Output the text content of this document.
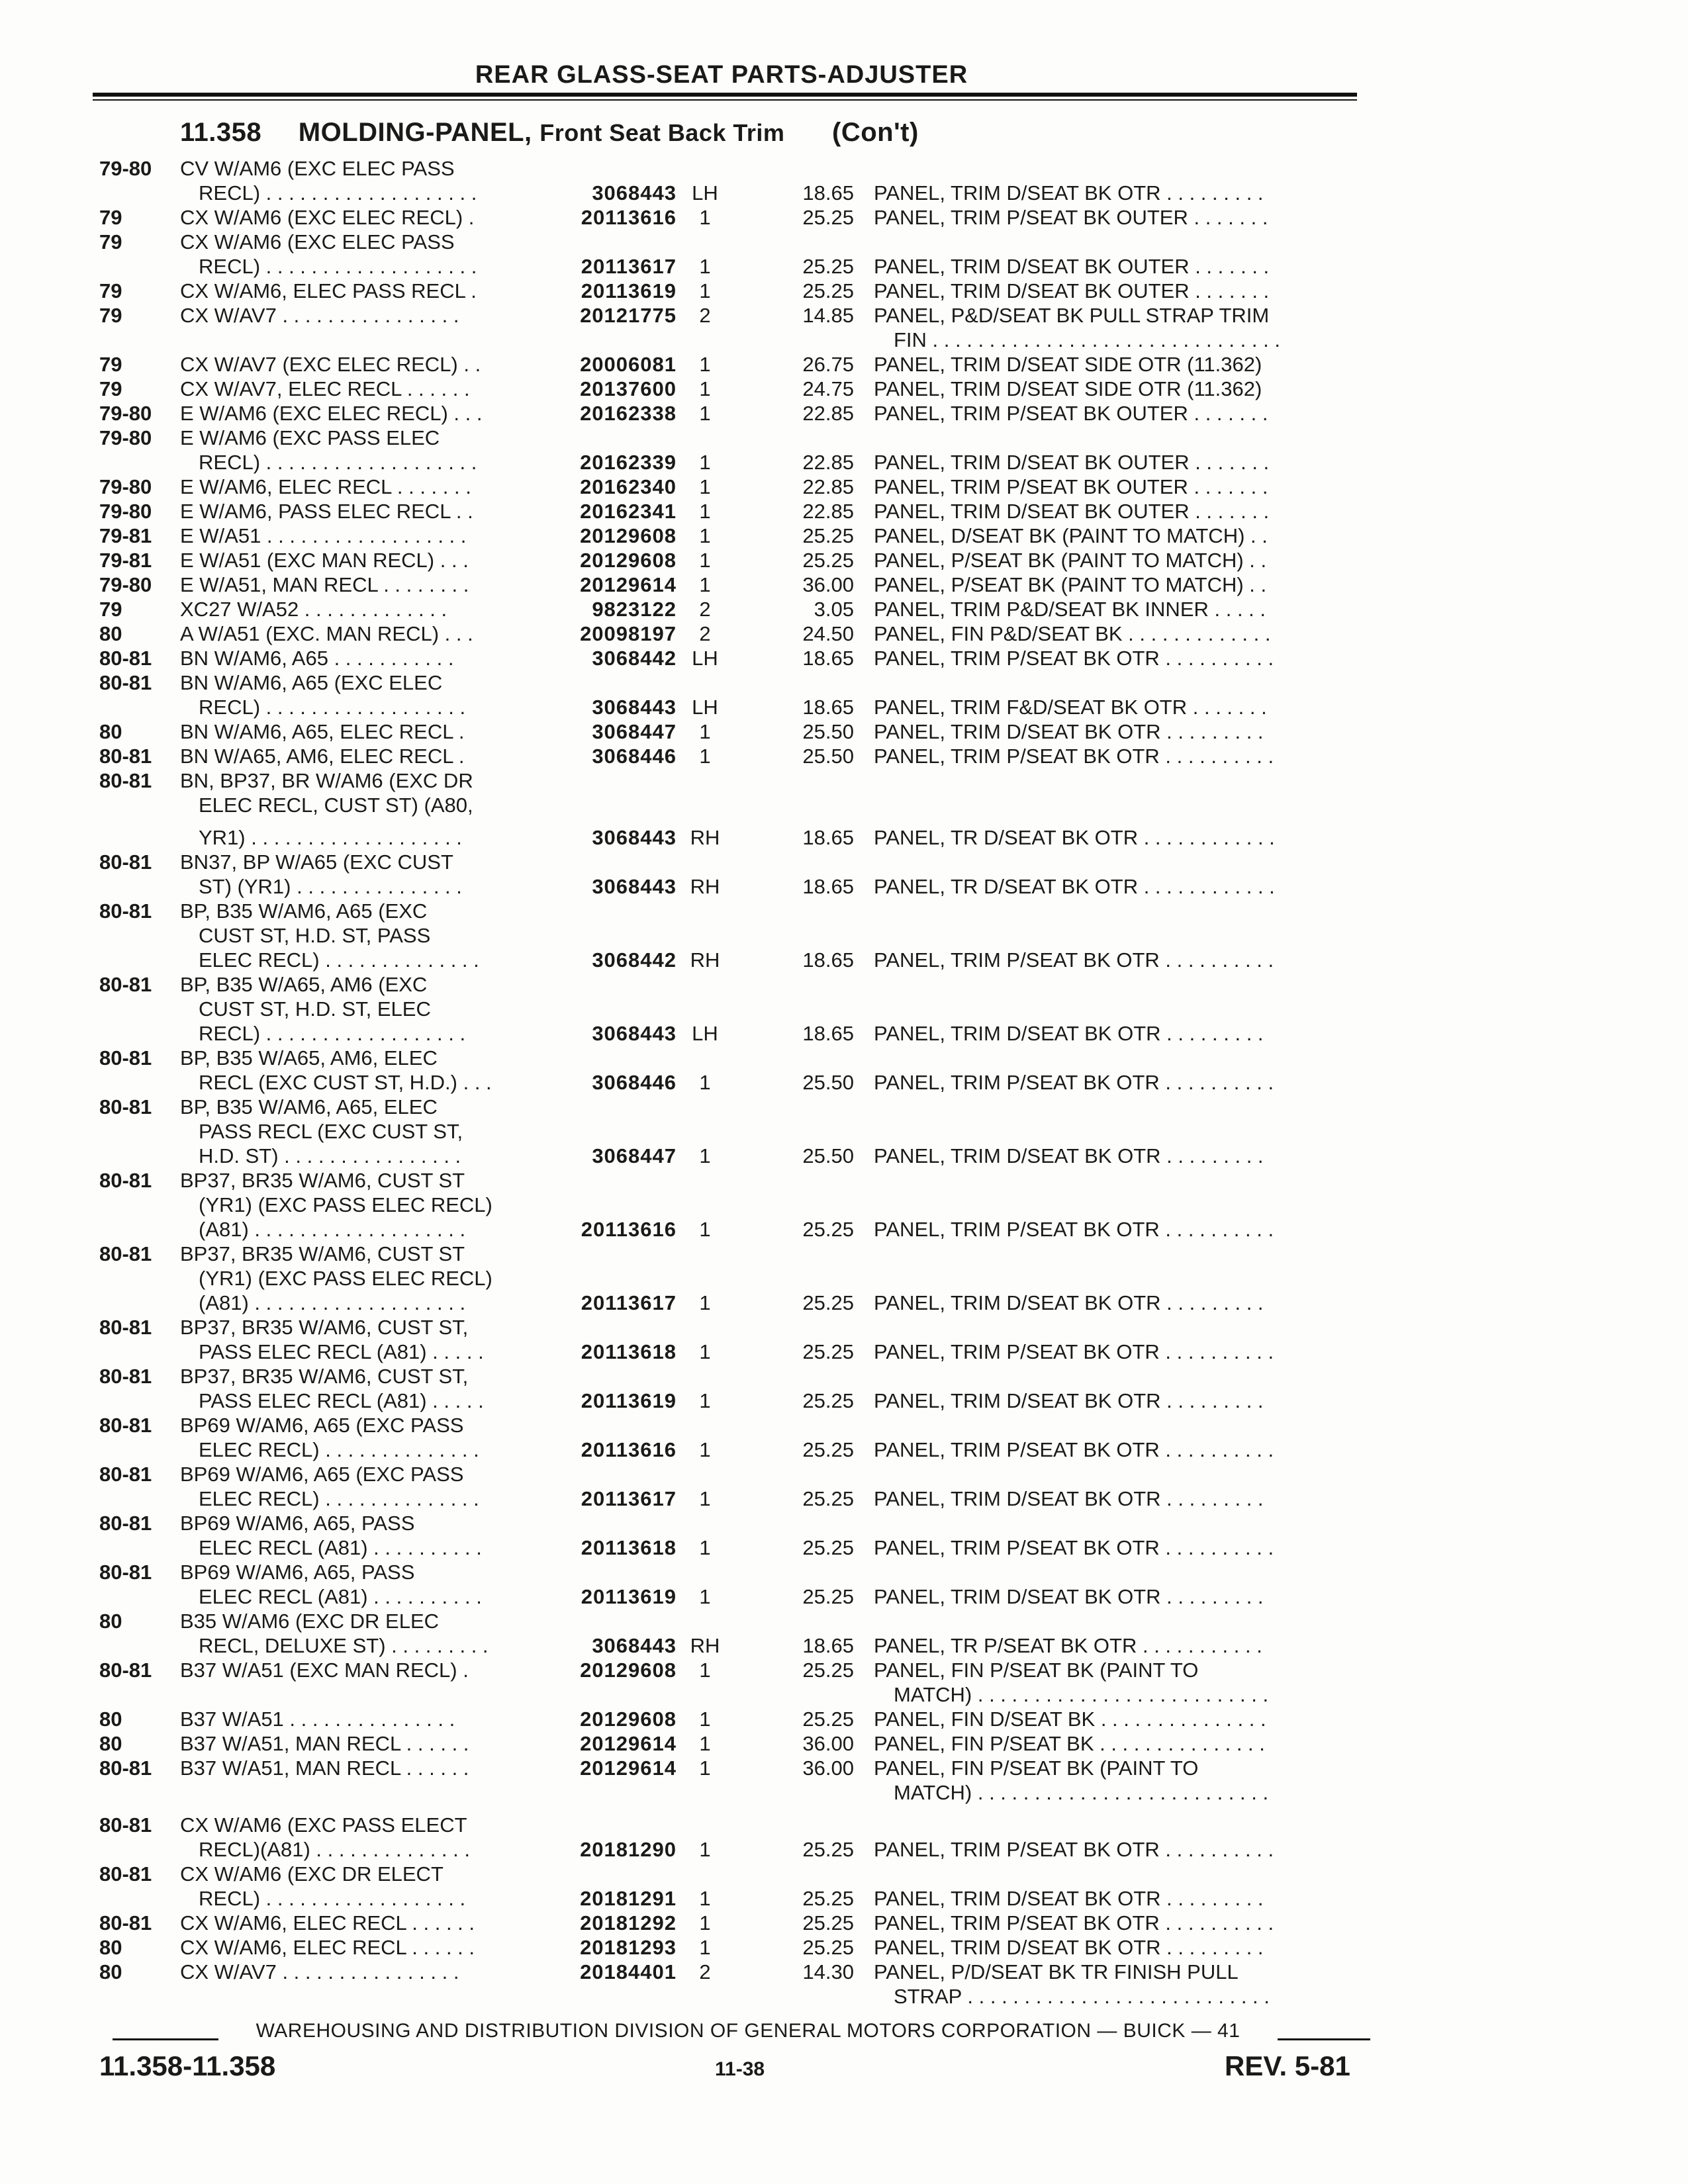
REAR GLASS-SEAT PARTS-ADJUSTER
11.358 MOLDING-PANEL, Front Seat Back Trim (Con't)
79-80	CV W/AM6 (EXC ELEC PASS
RECL) . . . . . . . . . . . . . . . . . . .	3068443 LH	18.65 PANEL, TRIM D/SEAT BK OTR . . . . . . . . .
79	CX W/AM6 (EXC ELEC RECL) .	20113616	1	25.25 PANEL, TRIM P/SEAT BK OUTER . . . . . . .
79	CX W/AM6 (EXC ELEC PASS
RECL) . . . . . . . . . . . . . . . . . . .	20113617	1	25.25 PANEL, TRIM D/SEAT BK OUTER . . . . . . .
79	CX W/AM6, ELEC PASS RECL .	20113619	1	25.25 PANEL, TRIM D/SEAT BK OUTER . . . . . . .
79	CX W/AV7 . . . . . . . . . . . . . . . .	20121775	2	14.85 PANEL, P&D/SEAT BK PULL STRAP TRIM
FIN . . . . . . . . . . . . . . . . . . . . . . . . . . . . . . .
79	CX W/AV7 (EXC ELEC RECL) . .	20006081	1	26.75 PANEL, TRIM D/SEAT SIDE OTR (11.362)
79	CX W/AV7, ELEC RECL . . . . . .	20137600	1	24.75 PANEL, TRIM D/SEAT SIDE OTR (11.362)
79-80	E W/AM6 (EXC ELEC RECL) . . .	20162338	1	22.85 PANEL, TRIM P/SEAT BK OUTER . . . . . . .
79-80	E W/AM6 (EXC PASS ELEC
RECL) . . . . . . . . . . . . . . . . . . .	20162339	1	22.85 PANEL, TRIM D/SEAT BK OUTER . . . . . . .
79-80	E W/AM6, ELEC RECL . . . . . . .	20162340	1	22.85 PANEL, TRIM P/SEAT BK OUTER . . . . . . .
79-80	E W/AM6, PASS ELEC RECL . .	20162341	1	22.85 PANEL, TRIM D/SEAT BK OUTER . . . . . . .
79-81	E W/A51 . . . . . . . . . . . . . . . . . .	20129608	1	25.25 PANEL, D/SEAT BK (PAINT TO MATCH) . .
79-81	E W/A51 (EXC MAN RECL) . . .	20129608	1	25.25 PANEL, P/SEAT BK (PAINT TO MATCH) . .
79-80	E W/A51, MAN RECL . . . . . . . .	20129614	1	36.00 PANEL, P/SEAT BK (PAINT TO MATCH) . .
79	XC27 W/A52 . . . . . . . . . . . . .	9823122	2	3.05 PANEL, TRIM P&D/SEAT BK INNER . . . . .
80	A W/A51 (EXC. MAN RECL) . . .	20098197	2	24.50 PANEL, FIN P&D/SEAT BK . . . . . . . . . . . . .
80-81	BN W/AM6, A65 . . . . . . . . . . .	3068442 LH	18.65 PANEL, TRIM P/SEAT BK OTR . . . . . . . . . .
80-81	BN W/AM6, A65 (EXC ELEC
RECL) . . . . . . . . . . . . . . . . . .	3068443 LH	18.65 PANEL, TRIM F&D/SEAT BK OTR . . . . . . .
80	BN W/AM6, A65, ELEC RECL .	3068447	1	25.50 PANEL, TRIM D/SEAT BK OTR . . . . . . . . .
80-81	BN W/A65, AM6, ELEC RECL .	3068446	1	25.50 PANEL, TRIM P/SEAT BK OTR . . . . . . . . . .
80-81	BN, BP37, BR W/AM6 (EXC DR
ELEC RECL, CUST ST) (A80,
YR1) . . . . . . . . . . . . . . . . . . .	3068443 RH	18.65 PANEL, TR D/SEAT BK OTR . . . . . . . . . . . .
80-81	BN37, BP W/A65 (EXC CUST
ST) (YR1) . . . . . . . . . . . . . . .	3068443 RH	18.65 PANEL, TR D/SEAT BK OTR . . . . . . . . . . . .
80-81	BP, B35 W/AM6, A65 (EXC
CUST ST, H.D. ST, PASS
ELEC RECL) . . . . . . . . . . . . . .	3068442 RH	18.65 PANEL, TRIM P/SEAT BK OTR . . . . . . . . . .
80-81	BP, B35 W/A65, AM6 (EXC
CUST ST, H.D. ST, ELEC
RECL) . . . . . . . . . . . . . . . . . .	3068443 LH	18.65 PANEL, TRIM D/SEAT BK OTR . . . . . . . . .
80-81	BP, B35 W/A65, AM6, ELEC
RECL (EXC CUST ST, H.D.) . . .	3068446	1	25.50 PANEL, TRIM P/SEAT BK OTR . . . . . . . . . .
80-81	BP, B35 W/AM6, A65, ELEC
PASS RECL (EXC CUST ST,
H.D. ST) . . . . . . . . . . . . . . . .	3068447	1	25.50 PANEL, TRIM D/SEAT BK OTR . . . . . . . . .
80-81	BP37, BR35 W/AM6, CUST ST
(YR1) (EXC PASS ELEC RECL)
(A81) . . . . . . . . . . . . . . . . . . .	20113616	1	25.25 PANEL, TRIM P/SEAT BK OTR . . . . . . . . . .
80-81	BP37, BR35 W/AM6, CUST ST
(YR1) (EXC PASS ELEC RECL)
(A81) . . . . . . . . . . . . . . . . . . .	20113617	1	25.25 PANEL, TRIM D/SEAT BK OTR . . . . . . . . .
80-81	BP37, BR35 W/AM6, CUST ST,
PASS ELEC RECL (A81) . . . . .	20113618	1	25.25 PANEL, TRIM P/SEAT BK OTR . . . . . . . . . .
80-81	BP37, BR35 W/AM6, CUST ST,
PASS ELEC RECL (A81) . . . . .	20113619	1	25.25 PANEL, TRIM D/SEAT BK OTR . . . . . . . . .
80-81	BP69 W/AM6, A65 (EXC PASS
ELEC RECL) . . . . . . . . . . . . . .	20113616	1	25.25 PANEL, TRIM P/SEAT BK OTR . . . . . . . . . .
80-81	BP69 W/AM6, A65 (EXC PASS
ELEC RECL) . . . . . . . . . . . . . .	20113617	1	25.25 PANEL, TRIM D/SEAT BK OTR . . . . . . . . .
80-81	BP69 W/AM6, A65, PASS
ELEC RECL (A81) . . . . . . . . . .	20113618	1	25.25 PANEL, TRIM P/SEAT BK OTR . . . . . . . . . .
80-81	BP69 W/AM6, A65, PASS
ELEC RECL (A81) . . . . . . . . . .	20113619	1	25.25 PANEL, TRIM D/SEAT BK OTR . . . . . . . . .
80	B35 W/AM6 (EXC DR ELEC
RECL, DELUXE ST) . . . . . . . . .	3068443 RH	18.65 PANEL, TR P/SEAT BK OTR . . . . . . . . . . .
80-81	B37 W/A51 (EXC MAN RECL) .	20129608	1	25.25 PANEL, FIN P/SEAT BK (PAINT TO
MATCH) . . . . . . . . . . . . . . . . . . . . . . . . . .
80	B37 W/A51 . . . . . . . . . . . . . . .	20129608	1	25.25 PANEL, FIN D/SEAT BK . . . . . . . . . . . . . . .
80	B37 W/A51, MAN RECL . . . . . .	20129614	1	36.00 PANEL, FIN P/SEAT BK . . . . . . . . . . . . . . .
80-81	B37 W/A51, MAN RECL . . . . . .	20129614	1	36.00 PANEL, FIN P/SEAT BK (PAINT TO
MATCH) . . . . . . . . . . . . . . . . . . . . . . . . . .
80-81	CX W/AM6 (EXC PASS ELECT
RECL)(A81) . . . . . . . . . . . . . .	20181290	1	25.25 PANEL, TRIM P/SEAT BK OTR . . . . . . . . . .
80-81	CX W/AM6 (EXC DR ELECT
RECL) . . . . . . . . . . . . . . . . . .	20181291	1	25.25 PANEL, TRIM D/SEAT BK OTR . . . . . . . . .
80-81	CX W/AM6, ELEC RECL . . . . . .	20181292	1	25.25 PANEL, TRIM P/SEAT BK OTR . . . . . . . . . .
80	CX W/AM6, ELEC RECL . . . . . .	20181293	1	25.25 PANEL, TRIM D/SEAT BK OTR . . . . . . . . .
80	CX W/AV7 . . . . . . . . . . . . . . . .	20184401	2	14.30 PANEL, P/D/SEAT BK TR FINISH PULL
STRAP . . . . . . . . . . . . . . . . . . . . . . . . . . .
WAREHOUSING AND DISTRIBUTION DIVISION OF GENERAL MOTORS CORPORATION — BUICK — 41
11.358-11.358	11-38	REV. 5-81
